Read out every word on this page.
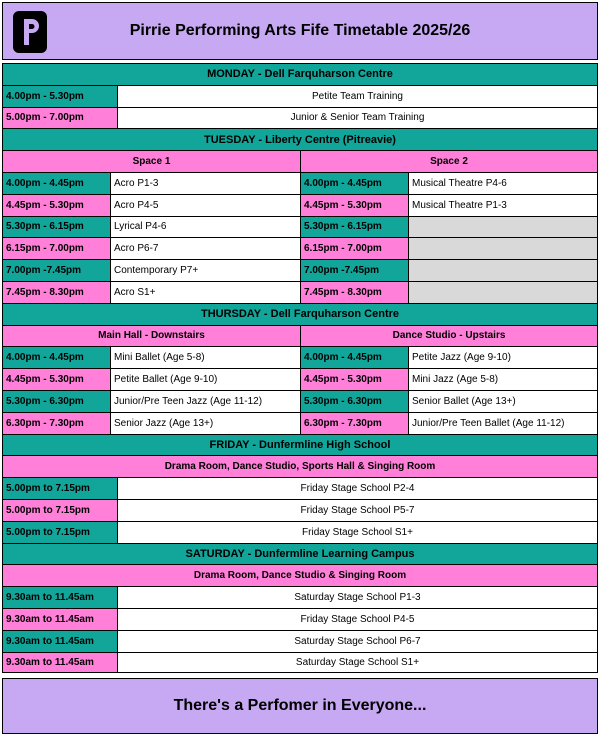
Pirrie Performing Arts Fife Timetable 2025/26
MONDAY - Dell Farquharson Centre
4.00pm - 5.30pm	Petite Team Training
5.00pm - 7.00pm	Junior & Senior Team Training
TUESDAY - Liberty Centre (Pitreavie)
Space 1	Space 2
4.00pm - 4.45pm	Acro P1-3	4.00pm - 4.45pm	Musical Theatre P4-6
4.45pm - 5.30pm	Acro P4-5	4.45pm - 5.30pm	Musical Theatre P1-3
5.30pm - 6.15pm	Lyrical P4-6	5.30pm - 6.15pm
6.15pm - 7.00pm	Acro P6-7	6.15pm - 7.00pm
7.00pm -7.45pm	Contemporary P7+	7.00pm -7.45pm
7.45pm - 8.30pm	Acro S1+	7.45pm - 8.30pm
THURSDAY - Dell Farquharson Centre
Main Hall - Downstairs	Dance Studio - Upstairs
4.00pm - 4.45pm	Mini Ballet (Age 5-8)	4.00pm - 4.45pm	Petite Jazz (Age 9-10)
4.45pm - 5.30pm	Petite Ballet (Age 9-10)	4.45pm - 5.30pm	Mini Jazz (Age 5-8)
5.30pm - 6.30pm	Junior/Pre Teen Jazz (Age 11-12)	5.30pm - 6.30pm	Senior Ballet (Age 13+)
6.30pm - 7.30pm	Senior Jazz (Age 13+)	6.30pm - 7.30pm	Junior/Pre Teen Ballet (Age 11-12)
FRIDAY - Dunfermline High School
Drama Room, Dance Studio, Sports Hall & Singing Room
5.00pm to 7.15pm	Friday Stage School P2-4
5.00pm to 7.15pm	Friday Stage School P5-7
5.00pm to 7.15pm	Friday Stage School S1+
SATURDAY - Dunfermline Learning Campus
Drama Room, Dance Studio & Singing Room
9.30am to 11.45am	Saturday Stage School P1-3
9.30am to 11.45am	Friday Stage School P4-5
9.30am to 11.45am	Saturday Stage School P6-7
9.30am to 11.45am	Saturday Stage School S1+
There's a Perfomer in Everyone...
